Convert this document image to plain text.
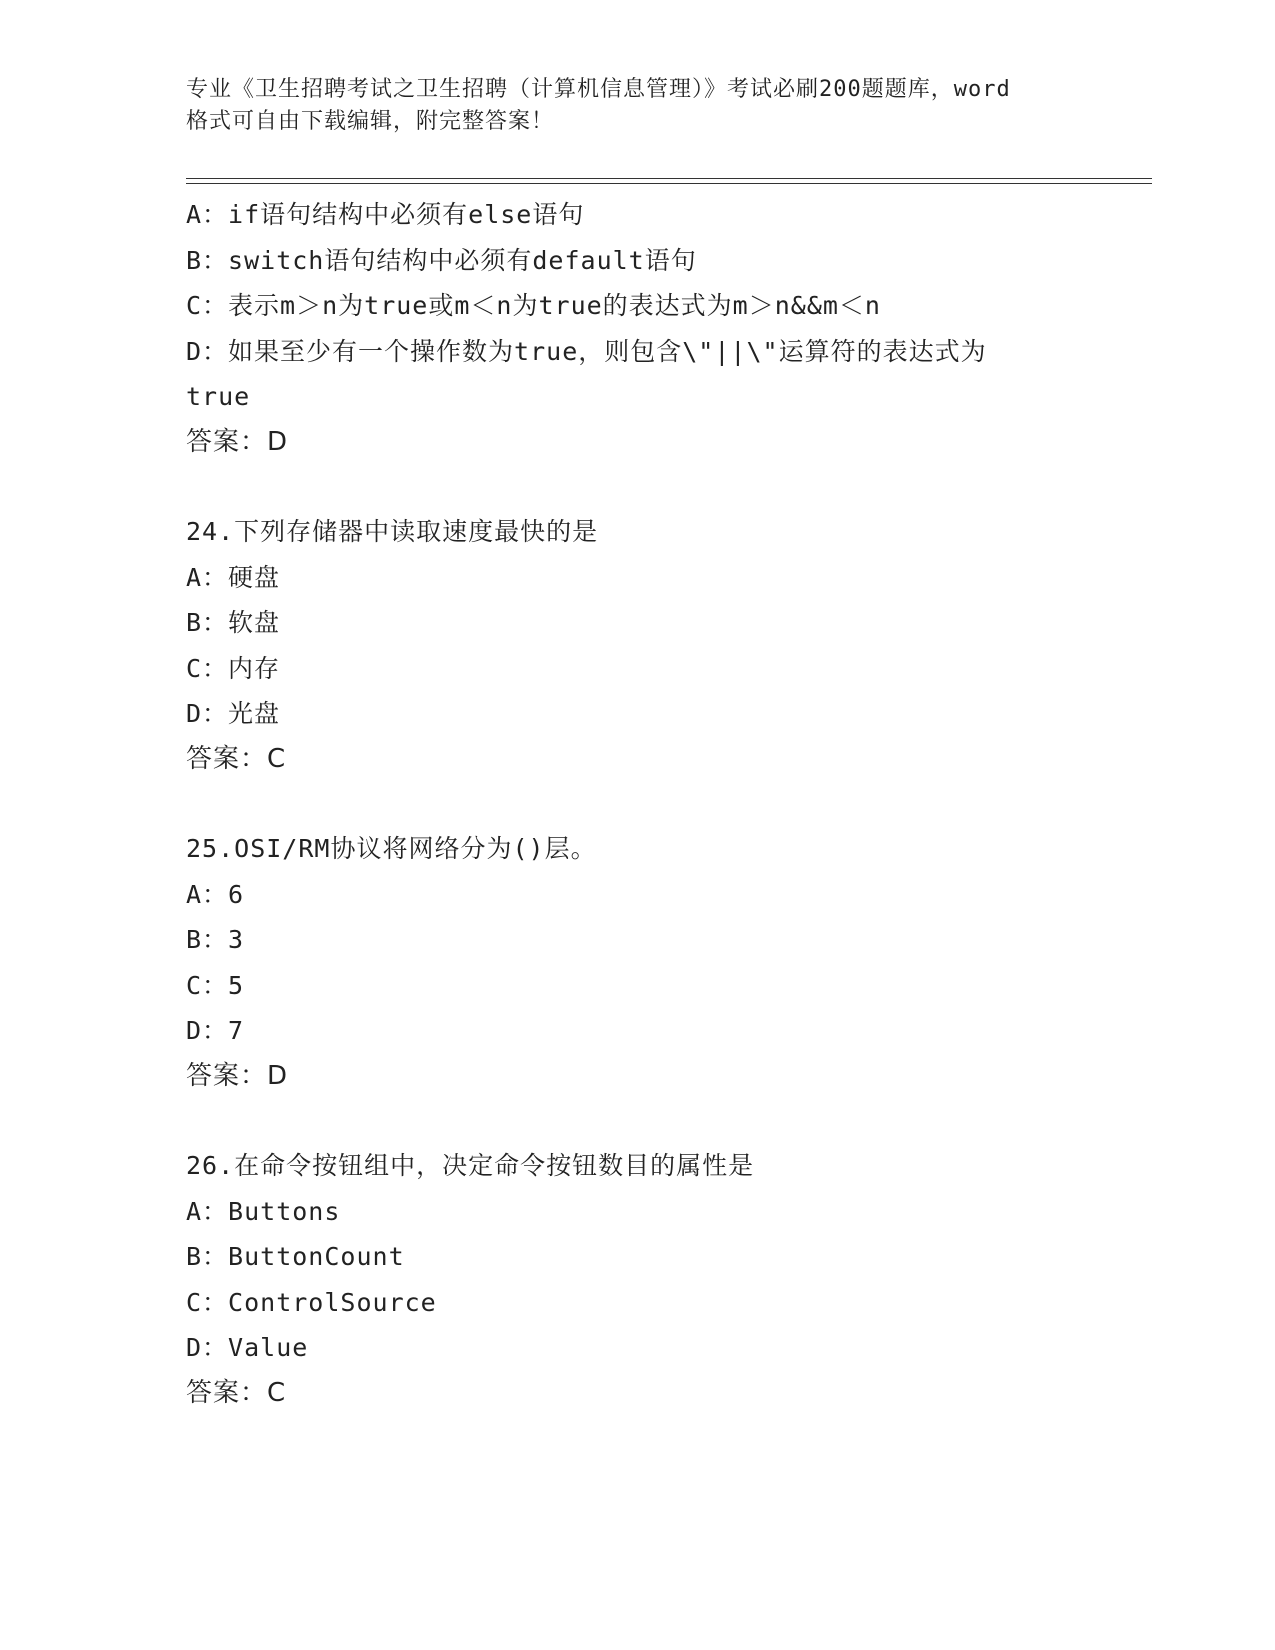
专业《卫生招聘考试之卫生招聘（计算机信息管理）》考试必刷200题题库，word
格式可自由下载编辑，附完整答案！
A：if语句结构中必须有else语句
B：switch语句结构中必须有default语句
C：表示m＞n为true或m＜n为true的表达式为m＞n&&m＜n
D：如果至少有一个操作数为true，则包含\"||\"运算符的表达式为
true
答案：D
24.下列存储器中读取速度最快的是
A：硬盘
B：软盘
C：内存
D：光盘
答案：C
25.OSI/RM协议将网络分为()层。
A：6
B：3
C：5
D：7
答案：D
26.在命令按钮组中，决定命令按钮数目的属性是
A：Buttons
B：ButtonCount
C：ControlSource
D：Value
答案：C
